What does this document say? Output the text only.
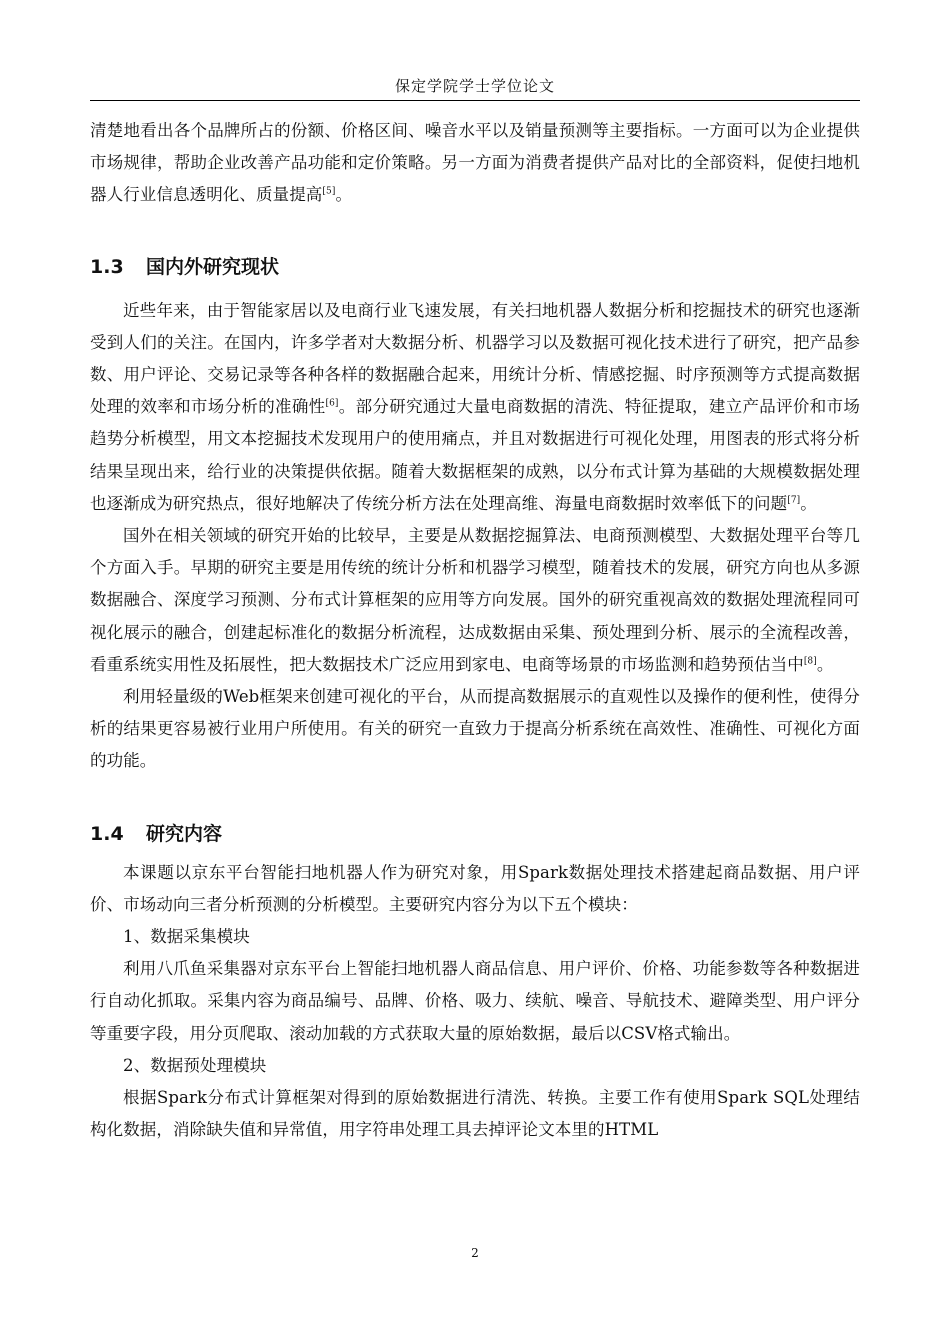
保定学院学士学位论文

清楚地看出各个品牌所占的份额、价格区间、噪音水平以及销量预测等主要指标。一方面可以为企业提供市场规律，帮助企业改善产品功能和定价策略。另一方面为消费者提供产品对比的全部资料，促使扫地机器人行业信息透明化、质量提高[5]。

1.3 国内外研究现状

近些年来，由于智能家居以及电商行业飞速发展，有关扫地机器人数据分析和挖掘技术的研究也逐渐受到人们的关注。在国内，许多学者对大数据分析、机器学习以及数据可视化技术进行了研究，把产品参数、用户评论、交易记录等各种各样的数据融合起来，用统计分析、情感挖掘、时序预测等方式提高数据处理的效率和市场分析的准确性[6]。部分研究通过大量电商数据的清洗、特征提取，建立产品评价和市场趋势分析模型，用文本挖掘技术发现用户的使用痛点，并且对数据进行可视化处理，用图表的形式将分析结果呈现出来，给行业的决策提供依据。随着大数据框架的成熟，以分布式计算为基础的大规模数据处理也逐渐成为研究热点，很好地解决了传统分析方法在处理高维、海量电商数据时效率低下的问题[7]。

国外在相关领域的研究开始的比较早，主要是从数据挖掘算法、电商预测模型、大数据处理平台等几个方面入手。早期的研究主要是用传统的统计分析和机器学习模型，随着技术的发展，研究方向也从多源数据融合、深度学习预测、分布式计算框架的应用等方向发展。国外的研究重视高效的数据处理流程同可视化展示的融合，创建起标准化的数据分析流程，达成数据由采集、预处理到分析、展示的全流程改善，看重系统实用性及拓展性，把大数据技术广泛应用到家电、电商等场景的市场监测和趋势预估当中[8]。

利用轻量级的Web框架来创建可视化的平台，从而提高数据展示的直观性以及操作的便利性，使得分析的结果更容易被行业用户所使用。有关的研究一直致力于提高分析系统在高效性、准确性、可视化方面的功能。

1.4 研究内容

本课题以京东平台智能扫地机器人作为研究对象，用Spark数据处理技术搭建起商品数据、用户评价、市场动向三者分析预测的分析模型。主要研究内容分为以下五个模块：

1、数据采集模块

利用八爪鱼采集器对京东平台上智能扫地机器人商品信息、用户评价、价格、功能参数等各种数据进行自动化抓取。采集内容为商品编号、品牌、价格、吸力、续航、噪音、导航技术、避障类型、用户评分等重要字段，用分页爬取、滚动加载的方式获取大量的原始数据，最后以CSV格式输出。

2、数据预处理模块

根据Spark分布式计算框架对得到的原始数据进行清洗、转换。主要工作有使用Spark SQL处理结构化数据，消除缺失值和异常值，用字符串处理工具去掉评论文本里的HTML

2
